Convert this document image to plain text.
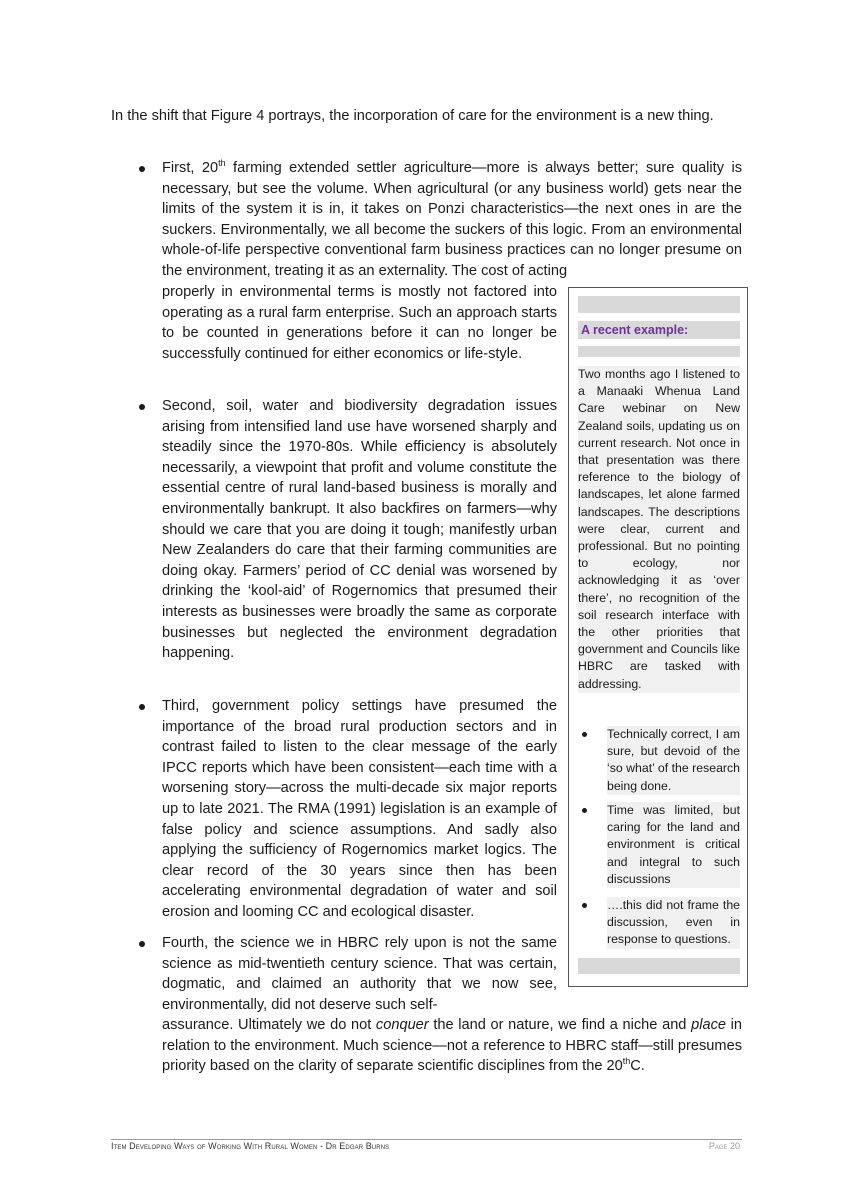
In the shift that Figure 4 portrays, the incorporation of care for the environment is a new thing.

First, 20th farming extended settler agriculture—more is always better; sure quality is necessary, but see the volume. When agricultural (or any business world) gets near the limits of the system it is in, it takes on Ponzi characteristics—the next ones in are the suckers. Environmentally, we all become the suckers of this logic. From an environmental whole-of-life perspective conventional farm business practices can no longer presume on the environment, treating it as an externality. The cost of acting

properly in environmental terms is mostly not factored into operating as a rural farm enterprise. Such an approach starts to be counted in generations before it can no longer be successfully continued for either economics or life-style.

Second, soil, water and biodiversity degradation issues arising from intensified land use have worsened sharply and steadily since the 1970-80s. While efficiency is absolutely necessarily, a viewpoint that profit and volume constitute the essential centre of rural land-based business is morally and environmentally bankrupt. It also backfires on farmers—why should we care that you are doing it tough; manifestly urban New Zealanders do care that their farming communities are doing okay. Farmers’ period of CC denial was worsened by drinking the ‘kool-aid’ of Rogernomics that presumed their interests as businesses were broadly the same as corporate businesses but neglected the environment degradation happening.

Third, government policy settings have presumed the importance of the broad rural production sectors and in contrast failed to listen to the clear message of the early IPCC reports which have been consistent—each time with a worsening story—across the multi-decade six major reports up to late 2021. The RMA (1991) legislation is an example of false policy and science assumptions. And sadly also applying the sufficiency of Rogernomics market logics. The clear record of the 30 years since then has been accelerating environmental degradation of water and soil erosion and looming CC and ecological disaster.

Fourth, the science we in HBRC rely upon is not the same science as mid-twentieth century science. That was certain, dogmatic, and claimed an authority that we now see, environmentally, did not deserve such self-

assurance. Ultimately we do not conquer the land or nature, we find a niche and place in relation to the environment. Much science—not a reference to HBRC staff—still presumes priority based on the clarity of separate scientific disciplines from the 20thC.

A recent example:
Two months ago I listened to a Manaaki Whenua Land Care webinar on New Zealand soils, updating us on current research. Not once in that presentation was there reference to the biology of landscapes, let alone farmed landscapes. The descriptions were clear, current and professional. But no pointing to ecology, nor acknowledging it as ‘over there’, no recognition of the soil research interface with the other priorities that government and Councils like HBRC are tasked with addressing.
Technically correct, I am sure, but devoid of the ‘so what’ of the research being done.
Time was limited, but caring for the land and environment is critical and integral to such discussions
….this did not frame the discussion, even in response to questions.
Item Developing Ways of Working With Rural Women - Dr Edgar Burns	Page 20
